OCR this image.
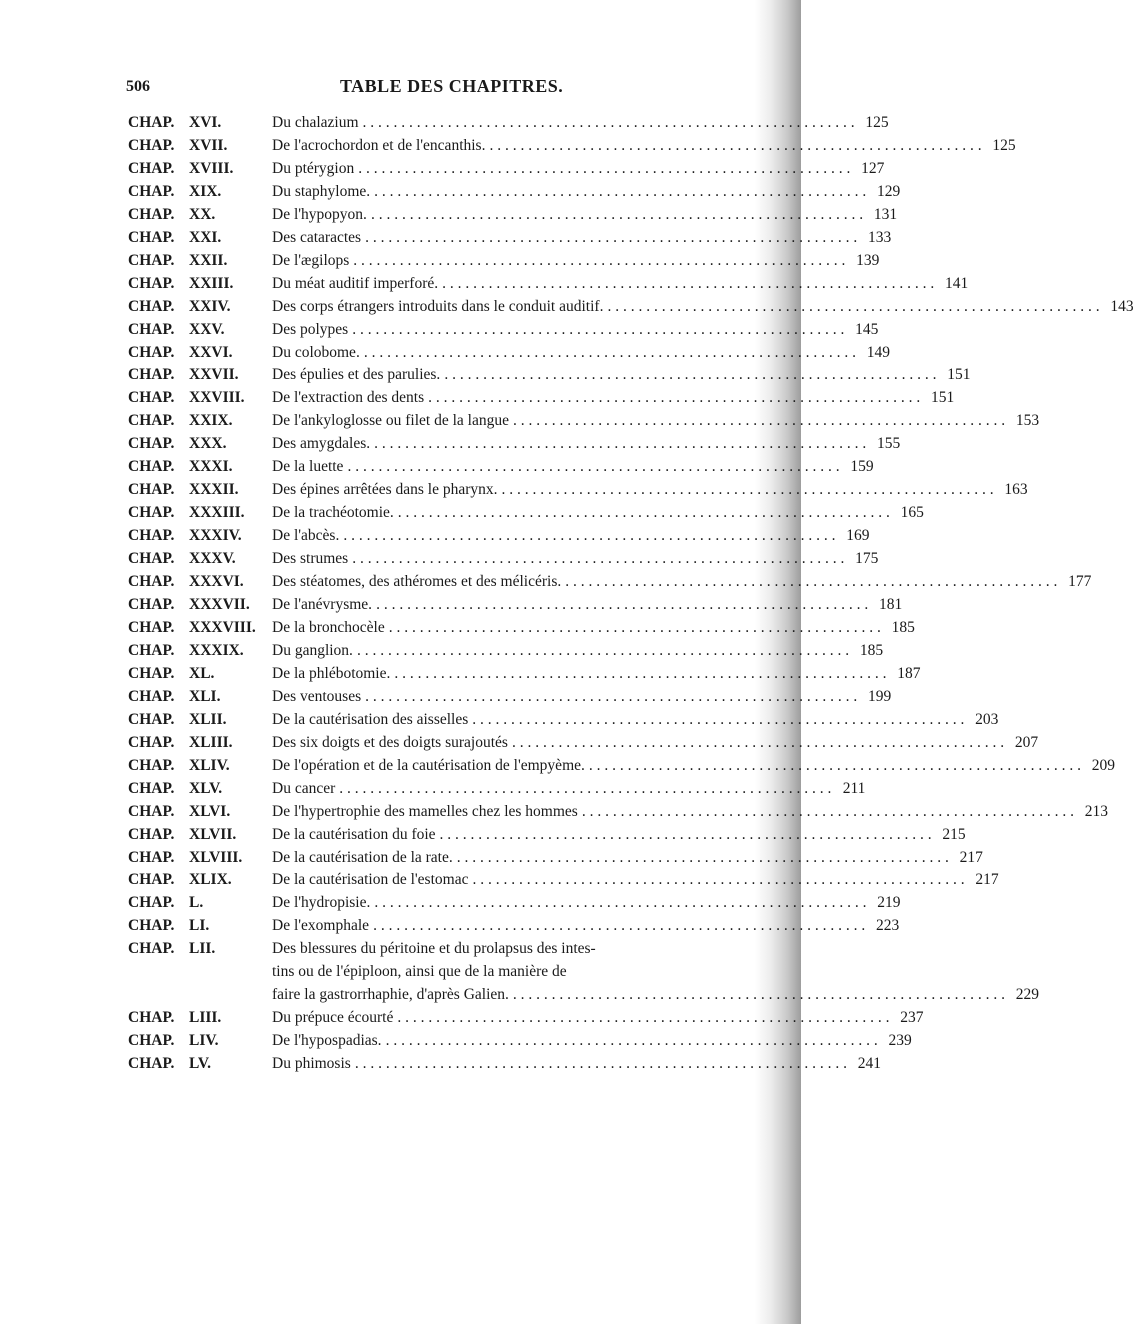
506	TABLE DES CHAPITRES.
CHAP. XVI.	Du chalazium . . .	125
CHAP. XVII.	De l'acrochordon et de l'encanthis. . . .	125
CHAP. XVIII.	Du ptérygion . . .	127
CHAP. XIX.	Du staphylome. . . .	129
CHAP. XX.	De l'hypopyon. . . .	131
CHAP. XXI.	Des cataractes . . .	133
CHAP. XXII.	De l'ægilops . . .	139
CHAP. XXIII.	Du méat auditif imperforé. . . .	141
CHAP. XXIV.	Des corps étrangers introduits dans le conduit auditif. . . .	143
CHAP. XXV.	Des polypes . . .	145
CHAP. XXVI.	Du colobome. . . .	149
CHAP. XXVII.	Des épulies et des parulies. . . .	151
CHAP. XXVIII.	De l'extraction des dents . . .	151
CHAP. XXIX.	De l'ankyloglosse ou filet de la langue . . .	153
CHAP. XXX.	Des amygdales. . . .	155
CHAP. XXXI.	De la luette . . .	159
CHAP. XXXII.	Des épines arrêtées dans le pharynx. . . .	163
CHAP. XXXIII.	De la trachéotomie. . . .	165
CHAP. XXXIV.	De l'abcès. . . .	169
CHAP. XXXV.	Des strumes . . .	175
CHAP. XXXVI.	Des stéatomes, des athéromes et des mélicéris. . . .	177
CHAP. XXXVII.	De l'anévrysme. . . .	181
CHAP. XXXVIII.	De la bronchocèle . . .	185
CHAP. XXXIX.	Du ganglion. . . .	185
CHAP. XL.	De la phlébotomie. . . .	187
CHAP. XLI.	Des ventouses . . .	199
CHAP. XLII.	De la cautérisation des aisselles . . .	203
CHAP. XLIII.	Des six doigts et des doigts surajoutés . . .	207
CHAP. XLIV.	De l'opération et de la cautérisation de l'empyème. . . .	209
CHAP. XLV.	Du cancer . . .	211
CHAP. XLVI.	De l'hypertrophie des mamelles chez les hommes . . .	213
CHAP. XLVII.	De la cautérisation du foie . . .	215
CHAP. XLVIII.	De la cautérisation de la rate. . . .	217
CHAP. XLIX.	De la cautérisation de l'estomac . . .	217
CHAP. L.	De l'hydropisie. . . .	219
CHAP. LI.	De l'exomphale . . .	223
CHAP. LII.	Des blessures du péritoine et du prolapsus des intes-
tins ou de l'épiploon, ainsi que de la manière de
faire la gastrorrhaphie, d'après Galien. . . .	229
CHAP. LIII.	Du prépuce écourté . . .	237
CHAP. LIV.	De l'hypospadias. . . .	239
CHAP. LV.	Du phimosis . . .	241
